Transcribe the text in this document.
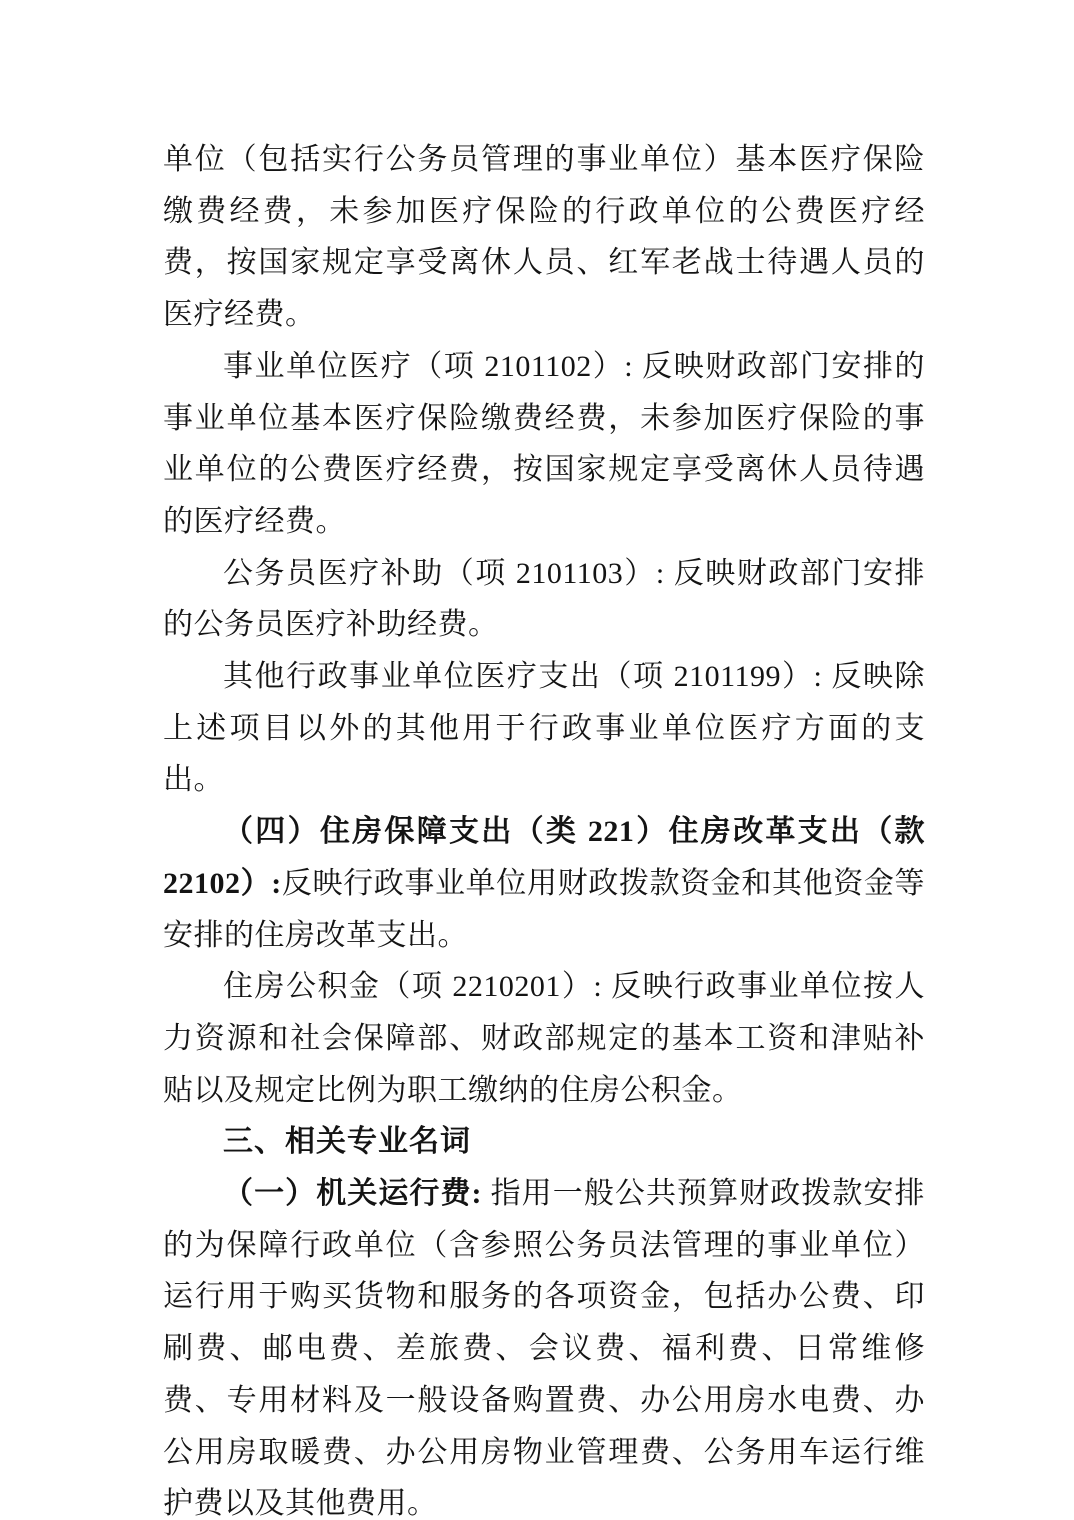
单位（包括实行公务员管理的事业单位）基本医疗保险缴费经费，未参加医疗保险的行政单位的公费医疗经费，按国家规定享受离休人员、红军老战士待遇人员的医疗经费。

事业单位医疗（项 2101102）: 反映财政部门安排的事业单位基本医疗保险缴费经费，未参加医疗保险的事业单位的公费医疗经费，按国家规定享受离休人员待遇的医疗经费。

公务员医疗补助（项 2101103）: 反映财政部门安排的公务员医疗补助经费。

其他行政事业单位医疗支出（项 2101199）: 反映除上述项目以外的其他用于行政事业单位医疗方面的支出。

（四）住房保障支出（类 221）住房改革支出（款 22102）:反映行政事业单位用财政拨款资金和其他资金等安排的住房改革支出。

住房公积金（项 2210201）: 反映行政事业单位按人力资源和社会保障部、财政部规定的基本工资和津贴补贴以及规定比例为职工缴纳的住房公积金。

三、相关专业名词

（一）机关运行费: 指用一般公共预算财政拨款安排的为保障行政单位（含参照公务员法管理的事业单位）运行用于购买货物和服务的各项资金，包括办公费、印刷费、邮电费、差旅费、会议费、福利费、日常维修费、专用材料及一般设备购置费、办公用房水电费、办公用房取暖费、办公用房物业管理费、公务用车运行维护费以及其他费用。
